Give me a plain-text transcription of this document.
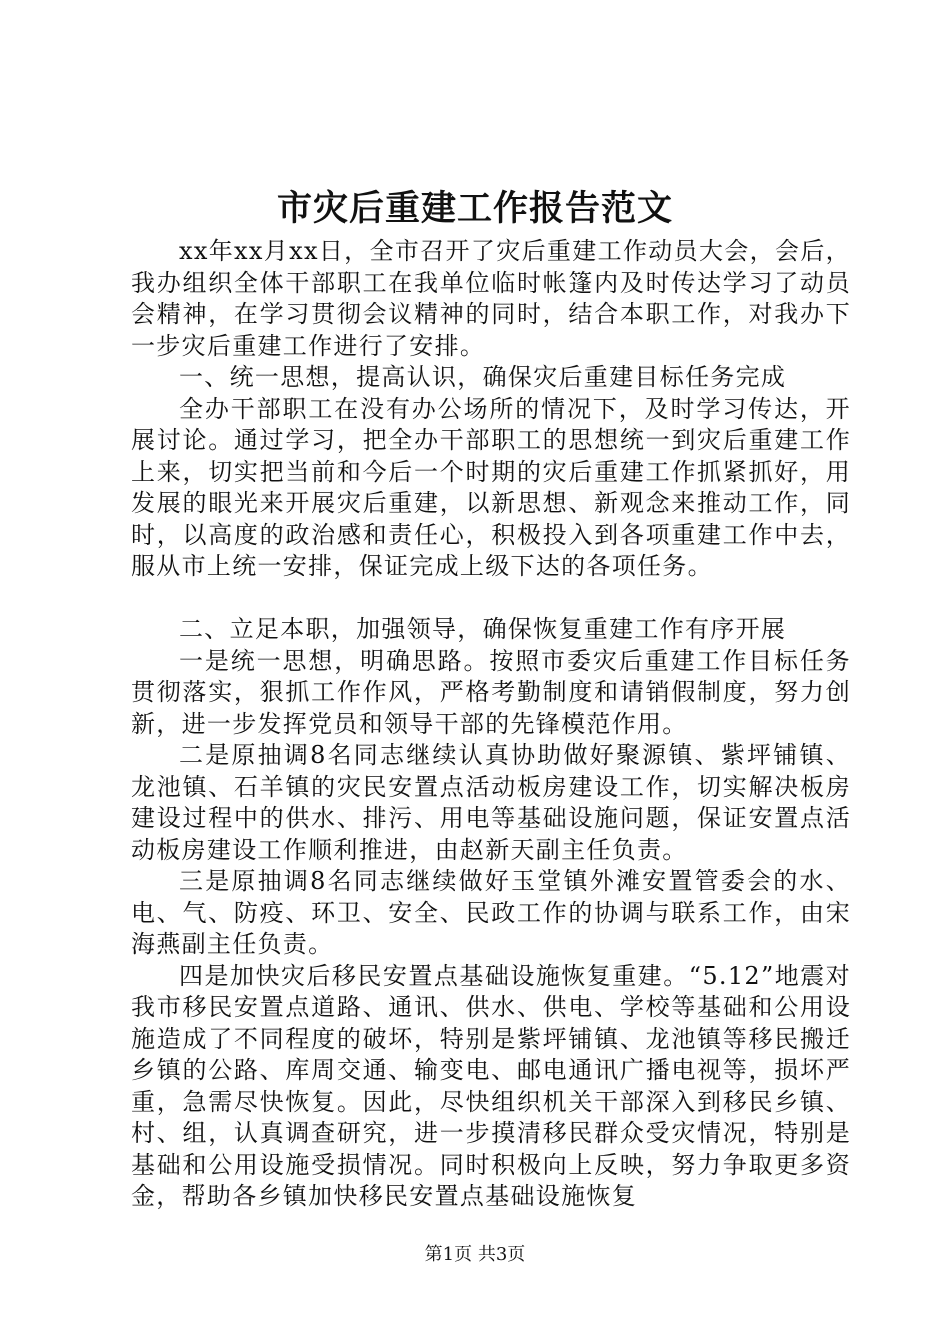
市灾后重建工作报告范文

xx年xx月xx日，全市召开了灾后重建工作动员大会，会后，我办组织全体干部职工在我单位临时帐篷内及时传达学习了动员会精神，在学习贯彻会议精神的同时，结合本职工作，对我办下一步灾后重建工作进行了安排。

一、统一思想，提高认识，确保灾后重建目标任务完成

全办干部职工在没有办公场所的情况下，及时学习传达，开展讨论。通过学习，把全办干部职工的思想统一到灾后重建工作上来，切实把当前和今后一个时期的灾后重建工作抓紧抓好，用发展的眼光来开展灾后重建，以新思想、新观念来推动工作，同时，以高度的政治感和责任心，积极投入到各项重建工作中去，服从市上统一安排，保证完成上级下达的各项任务。

二、立足本职，加强领导，确保恢复重建工作有序开展

一是统一思想，明确思路。按照市委灾后重建工作目标任务贯彻落实，狠抓工作作风，严格考勤制度和请销假制度，努力创新，进一步发挥党员和领导干部的先锋模范作用。

二是原抽调8名同志继续认真协助做好聚源镇、紫坪铺镇、龙池镇、石羊镇的灾民安置点活动板房建设工作，切实解决板房建设过程中的供水、排污、用电等基础设施问题，保证安置点活动板房建设工作顺利推进，由赵新天副主任负责。

三是原抽调8名同志继续做好玉堂镇外滩安置管委会的水、电、气、防疫、环卫、安全、民政工作的协调与联系工作，由宋海燕副主任负责。

四是加快灾后移民安置点基础设施恢复重建。“5.12”地震对我市移民安置点道路、通讯、供水、供电、学校等基础和公用设施造成了不同程度的破坏，特别是紫坪铺镇、龙池镇等移民搬迁乡镇的公路、库周交通、输变电、邮电通讯广播电视等，损坏严重，急需尽快恢复。因此，尽快组织机关干部深入到移民乡镇、村、组，认真调查研究，进一步摸清移民群众受灾情况，特别是基础和公用设施受损情况。同时积极向上反映，努力争取更多资金，帮助各乡镇加快移民安置点基础设施恢复

第1页 共3页
